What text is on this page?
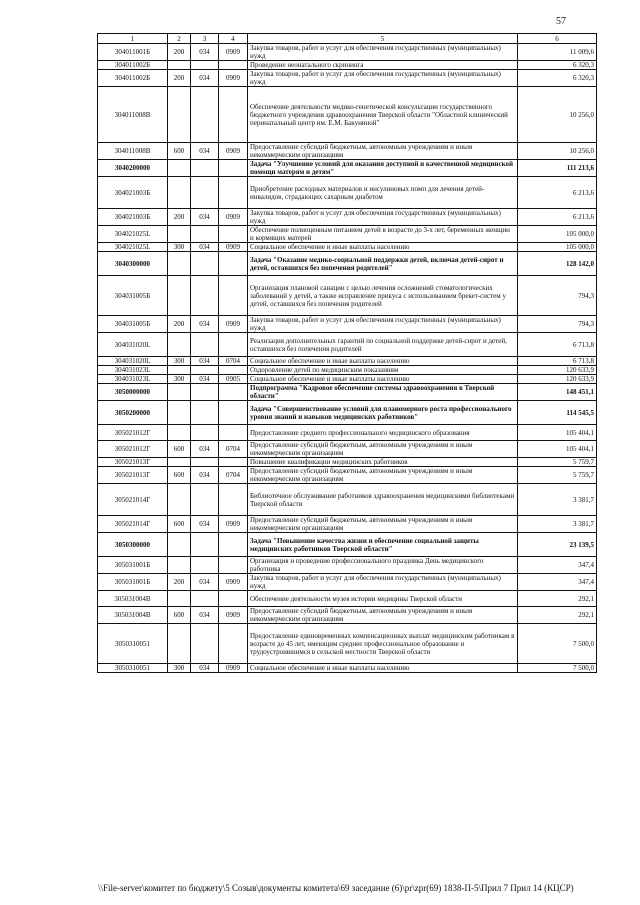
57
1	2	3	4	5	6
304011001Б	200	034	0909	Закупка товаров, работ и услуг для обеспечения государственных (муниципальных) нужд	11 009,6
304011002Б				Проведение неонатального скрининга	6 320,3
304011002Б	200	034	0909	Закупка товаров, работ и услуг для обеспечения государственных (муниципальных) нужд	6 320,3
304011008В				Обеспечение деятельности медико-генетической консультации государственного бюджетного учреждения здравоохранения Тверской области "Областной клинический перинатальный центр им. Е.М. Бакуниной"	10 256,0
304011008В	600	034	0909	Предоставление субсидий бюджетным, автономным учреждениям и иным некоммерческим организациям	10 256,0
3040200000				Задача "Улучшение условий для оказания доступной и качественной медицинской помощи матерям и детям"	111 213,6
304021003Б				Приобретение расходных материалов и инсулиновых помп для лечения детей-инвалидов, страдающих сахарным диабетом	6 213,6
304021003Б	200	034	0909	Закупка товаров, работ и услуг для обеспечения государственных (муниципальных) нужд	6 213,6
304021025L				Обеспечение полноценным питанием детей в возрасте до 3-х лет, беременных женщин и кормящих матерей	105 000,0
304021025L	300	034	0909	Социальное обеспечение и иные выплаты населению	105 000,0
3040300000				Задача "Оказание медико-социальной поддержки детей, включая детей-сирот и детей, оставшихся без попечения родителей"	128 142,0
304031005Б				Организация плановой санации с целью лечения осложнений стоматологических заболеваний у детей, а также исправление прикуса с использованием брекет-систем у детей, оставшихся без попечения родителей	794,3
304031005Б	200	034	0909	Закупка товаров, работ и услуг для обеспечения государственных (муниципальных) нужд	794,3
304031020L				Реализация дополнительных гарантий по социальной поддержке детей-сирот и детей, оставшихся без попечения родителей	6 713,8
304031020L	300	034	0704	Социальное обеспечение и иные выплаты населению	6 713,8
304031023L				Оздоровление детей по медицинским показаниям	120 633,9
304031023L	300	034	0905	Социальное обеспечение и иные выплаты населению	120 633,9
3050000000				Подпрограмма "Кадровое обеспечение системы здравоохранения в Тверской области"	148 451,1
3050200000				Задача "Совершенствование условий для планомерного роста профессионального уровня знаний и навыков медицинских работников"	114 545,5
305021012Г				Предоставление среднего профессионального медицинского образования	105 404,1
305021012Г	600	034	0704	Предоставление субсидий бюджетным, автономным учреждениям и иным некоммерческим организациям	105 404,1
305021013Г				Повышение квалификации медицинских работников	5 759,7
305021013Г	600	034	0704	Предоставление субсидий бюджетным, автономным учреждениям и иным некоммерческим организациям	5 759,7
305021014Г				Библиотечное обслуживание работников здравоохранения медицинскими библиотеками Тверской области	3 381,7
305021014Г	600	034	0909	Предоставление субсидий бюджетным, автономным учреждениям и иным некоммерческим организациям	3 381,7
3050300000				Задача "Повышение качества жизни и обеспечение социальной защиты медицинских работников Тверской области"	23 139,5
305031001Б				Организация и проведение профессионального праздника День медицинского работника	347,4
305031001Б	200	034	0909	Закупка товаров, работ и услуг для обеспечения государственных (муниципальных) нужд	347,4
305031004В				Обеспечение деятельности музея истории медицины Тверской области	292,1
305031004В	600	034	0909	Предоставление субсидий бюджетным, автономным учреждениям и иным некоммерческим организациям	292,1
3050310051				Предоставление единовременных компенсационных выплат медицинским работникам в возрасте до 45 лет, имеющим среднее профессиональное образование и трудоустроившимся в сельской местности Тверской области	7 500,0
3050310051	300	034	0909	Социальное обеспечение и иные выплаты населению	7 500,0
\\File-server\комитет по бюджету\5 Созыв\документы комитета\69 заседание (6)\pr\zpr(69) 1838-П-5\Прил 7 Прил 14 (КЦСР)
